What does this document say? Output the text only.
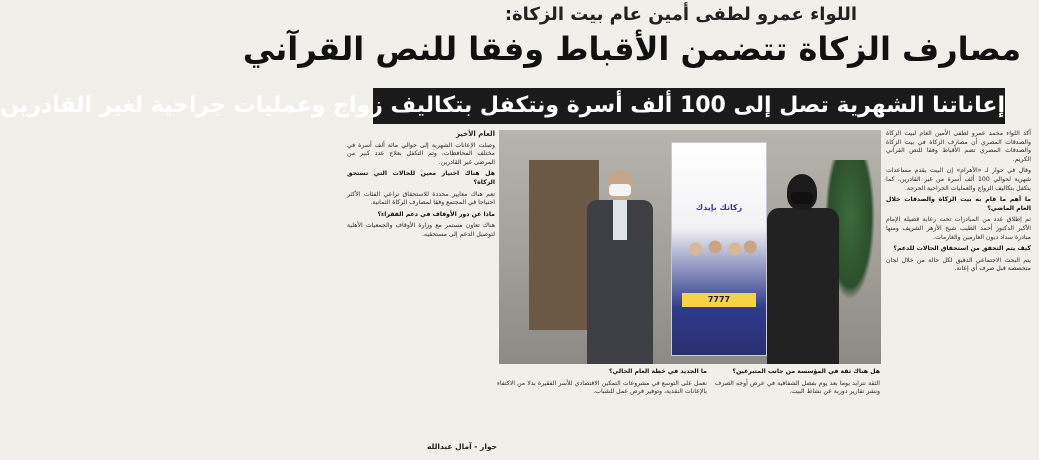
اللواء عمرو لطفى أمين عام بيت الزكاة:
مصارف الزكاة تتضمن الأقباط وفقا للنص القرآني
إعاناتنا الشهرية تصل إلى 100 ألف أسرة ونتكفل بتكاليف زواج وعمليات جراحية لغير القادرين

أكد اللواء محمد عمرو لطفى الأمين العام لبيت الزكاة والصدقات المصري أن مصارف الزكاة في بيت الزكاة والصدقات المصري تضم الأقباط وفقا للنص القرآني الكريم.

وقال في حوار لـ «الأهرام» إن البيت يقدم مساعدات شهرية لحوالي 100 ألف أسرة من غير القادرين، كما يتكفل بتكاليف الزواج والعمليات الجراحية الحرجة.

ما أهم ما قام به بيت الزكاة والصدقات خلال العام الماضي؟

تم إطلاق عدد من المبادرات تحت رعاية فضيلة الإمام الأكبر الدكتور أحمد الطيب شيخ الأزهر الشريف ومنها مبادرة سداد ديون الغارمين والغارمات.

كيف يتم التحقق من استحقاق الحالات للدعم؟

يتم البحث الاجتماعي الدقيق لكل حالة من خلال لجان متخصصة قبل صرف أي إعانة.

زكاتك بإيدك
7777

العام الأخير

وصلت الإعانات الشهرية إلى حوالي مائة ألف أسرة في مختلف المحافظات، وتم التكفل بعلاج عدد كبير من المرضى غير القادرين.

هل هناك اختيار معين للحالات التي تستحق الزكاة؟

نعم هناك معايير محددة للاستحقاق تراعي الفئات الأكثر احتياجا في المجتمع وفقا لمصارف الزكاة الثمانية.

ماذا عن دور الأوقاف في دعم الفقراء؟

هناك تعاون مستمر مع وزارة الأوقاف والجمعيات الأهلية لتوصيل الدعم إلى مستحقيه.

هل هناك ثقة في المؤسسة من جانب المتبرعين؟

الثقة تتزايد يوما بعد يوم بفضل الشفافية في عرض أوجه الصرف ونشر تقارير دورية عن نشاط البيت.

ما الجديد في خطة العام الحالي؟

نعمل على التوسع في مشروعات التمكين الاقتصادي للأسر الفقيرة بدلا من الاكتفاء بالإعانات النقدية، وتوفير فرص عمل للشباب.

حوار - آمال عبدالله
